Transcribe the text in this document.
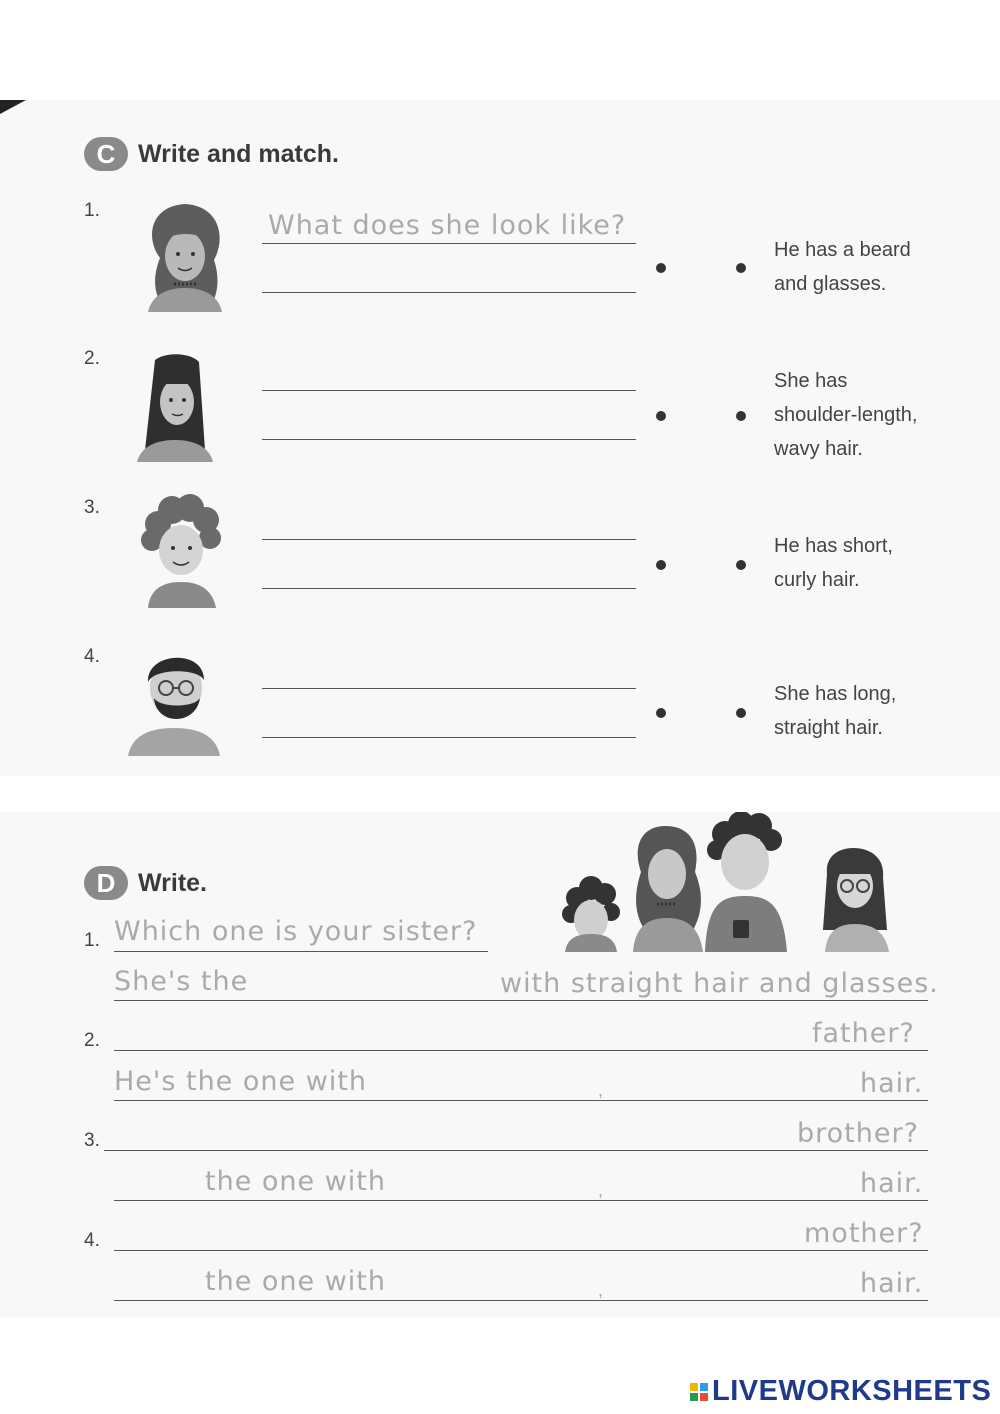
C Write and match.
1.
2.
3.
4.
What does she look like?
He has a beard
and glasses.
She has
shoulder-length,
wavy hair.
He has short,
curly hair.
She has long,
straight hair.
D Write.
1.
2.
3.
4.
Which one is your sister?
She's the	with straight hair and glasses.
father?
He's the one with	,	hair.
brother?
the one with	,	hair.
mother?
the one with	,	hair.
LIVEWORKSHEETS
